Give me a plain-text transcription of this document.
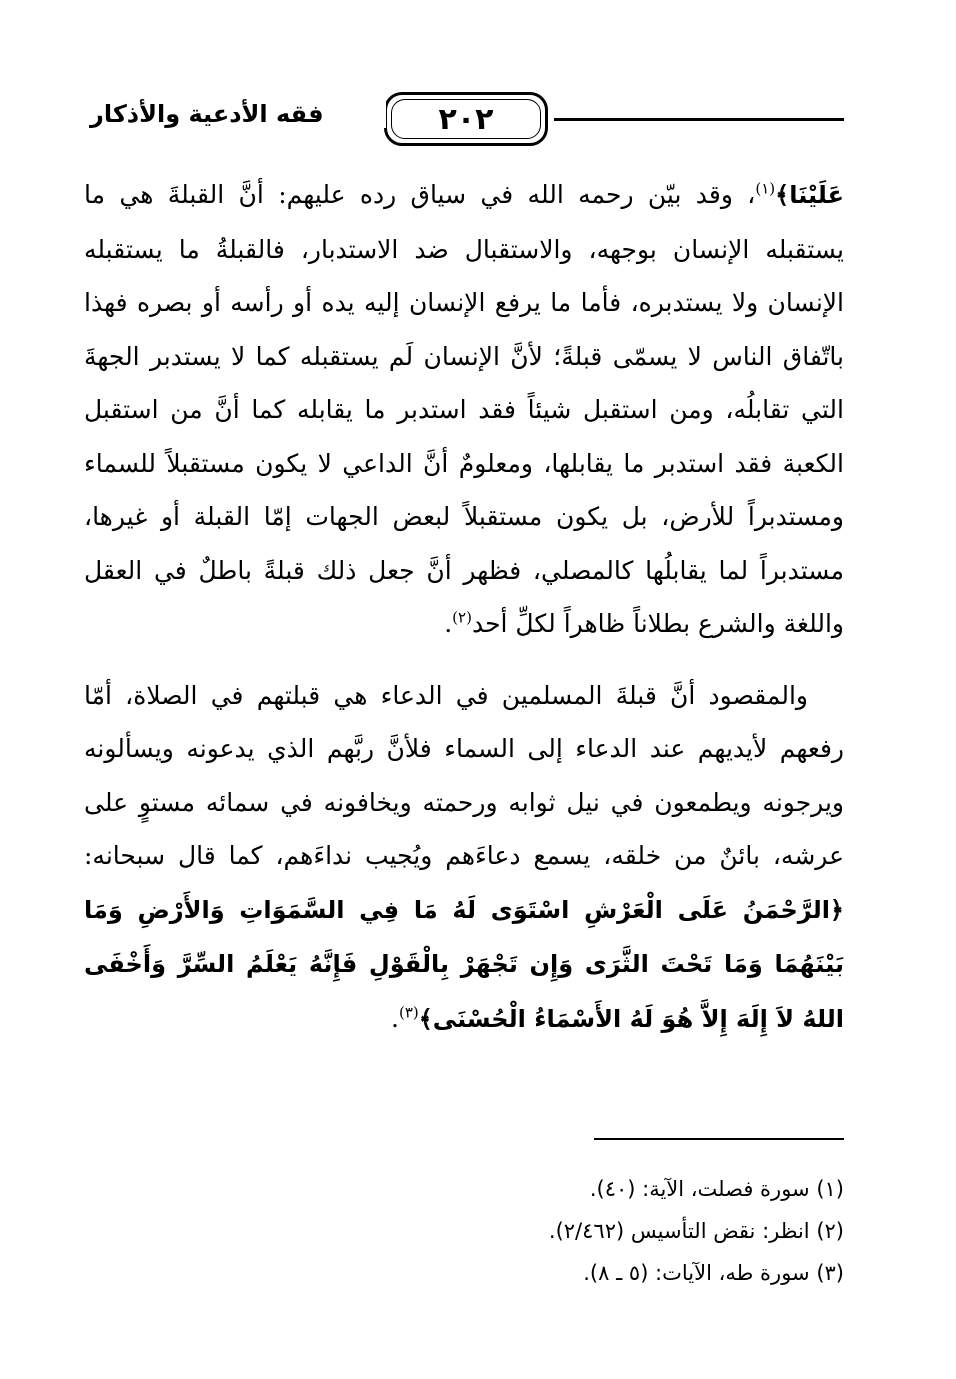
٢٠٢
فقه الأدعية والأذكار

عَلَيْنَا﴾$^{(١)}$، وقد بيّن رحمه الله في سياق رده عليهم: أنَّ القبلةَ هي ما يستقبله الإنسان بوجهه، والاستقبال ضد الاستدبار، فالقبلةُ ما يستقبله الإنسان ولا يستدبره، فأما ما يرفع الإنسان إليه يده أو رأسه أو بصره فهذا باتّفاق الناس لا يسمّى قبلةً؛ لأنَّ الإنسان لَم يستقبله كما لا يستدبر الجهةَ التي تقابلُه، ومن استقبل شيئاً فقد استدبر ما يقابله كما أنَّ من استقبل الكعبة فقد استدبر ما يقابلها، ومعلومٌ أنَّ الداعي لا يكون مستقبلاً للسماء ومستدبراً للأرض، بل يكون مستقبلاً لبعض الجهات إمّا القبلة أو غيرها، مستدبراً لما يقابلُها كالمصلي، فظهر أنَّ جعل ذلك قبلةً باطلٌ في العقل واللغة والشرع بطلاناً ظاهراً لكلِّ أحد$^{(٢)}$.

والمقصود أنَّ قبلةَ المسلمين في الدعاء هي قبلتهم في الصلاة، أمّا رفعهم لأيديهم عند الدعاء إلى السماء فلأنَّ ربَّهم الذي يدعونه ويسألونه ويرجونه ويطمعون في نيل ثوابه ورحمته ويخافونه في سمائه مستوٍ على عرشه، بائنٌ من خلقه، يسمع دعاءَهم ويُجيب نداءَهم، كما قال سبحانه: ﴿الرَّحْمَنُ عَلَى الْعَرْشِ اسْتَوَى لَهُ مَا فِي السَّمَوَاتِ وَالأَرْضِ وَمَا بَيْنَهُمَا وَمَا تَحْتَ الثَّرَى وَإِن تَجْهَرْ بِالْقَوْلِ فَإِنَّهُ يَعْلَمُ السِّرَّ وَأَخْفَى اللهُ لاَ إِلَهَ إِلاَّ هُوَ لَهُ الأَسْمَاءُ الْحُسْنَى﴾$^{(٣)}$.

(١) سورة فصلت، الآية: (٤٠).
(٢) انظر: نقض التأسيس (٢/٤٦٢).
(٣) سورة طه، الآيات: (٥ ـ ٨).
